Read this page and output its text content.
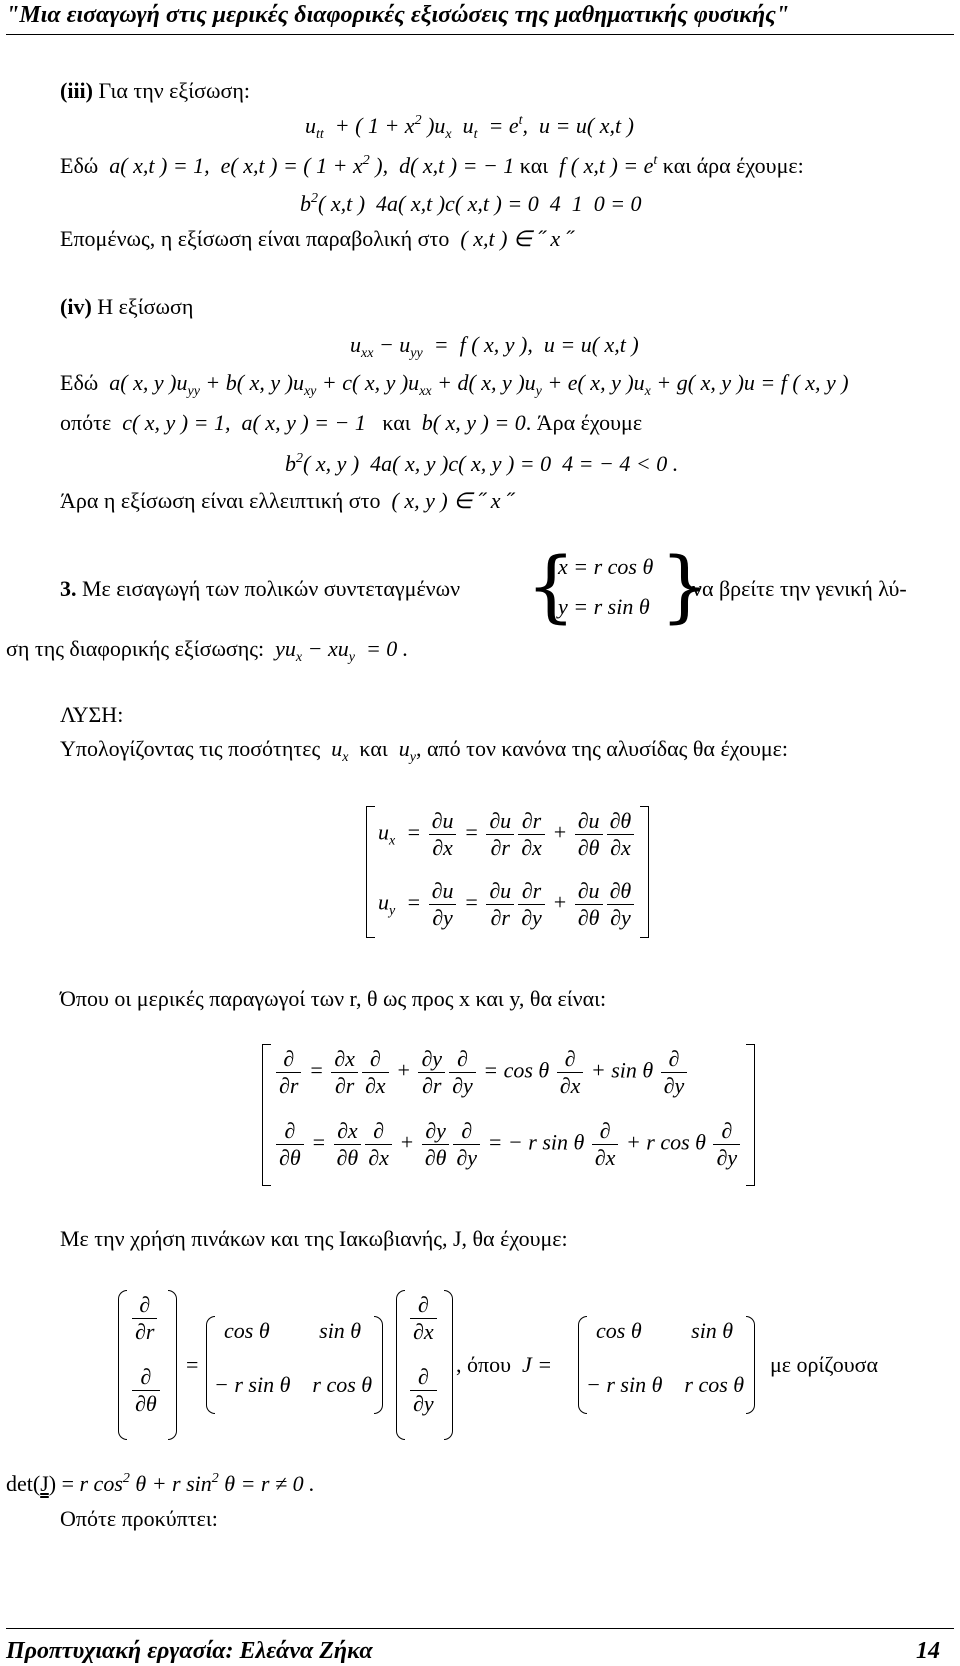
"Μια εισαγωγή στις μερικές διαφορικές εξισώσεις της μαθηματικής φυσικής"
(iii) Για την εξίσωση:
$u_{tt}$  + ( $1 + x^2$ )$u_x$  $u_t = e^t$,  u = u( x,t )
Εδώ  a( x,t ) = 1,  e( x,t ) = ( $1 + x^2$ ),  d( x,t ) = − 1 και  f ( x,t ) = $e^t$ και άρα έχουμε:
$b^2$( x,t )  4a( x,t )c( x,t ) = 0  4  1  0 = 0
Επομένως, η εξίσωση είναι παραβολική στο  ( x,t ) ∈ ˝ x ˝
(iv) Η εξίσωση
$u_{xx} - u_{yy} = f$ ( x, y ),  u = u( x,t )
Εδώ  a( x, y )$u_{yy} + b$( x, y )$u_{xy} + c$( x, y )$u_{xx} + d$( x, y )$u_y + e$( x, y )$u_x + g$( x, y )u = f ( x, y )
οπότε  c( x, y ) = 1,  a( x, y ) = − 1   και  b( x, y ) = 0. Άρα έχουμε
$b^2$( x, y )  4a( x, y )c( x, y ) = 0  4 = − 4 < 0 .
Άρα η εξίσωση είναι ελλειπτική στο  ( x, y ) ∈ ˝ x ˝
3. Με εισαγωγή των πολικών συντεταγμένων {
x = r cos θ
y = r sin θ }
να βρείτε την γενική λύ-
ση της διαφορικής εξίσωσης:  $yu_x - xu_y = 0$ .
ΛΥΣΗ:
Υπολογίζοντας τις ποσότητες  $u_x$ και  $u_y$, από τον κανόνα της αλυσίδας θα έχουμε:
$u_x = \frac{\partial u}{\partial x} = \frac{\partial u}{\partial r} \frac{\partial r}{\partial x} + \frac{\partial u}{\partial\theta} \frac{\partial\theta}{\partial x}$
$u_y = \frac{\partial u}{\partial y} = \frac{\partial u}{\partial r} \frac{\partial r}{\partial y} + \frac{\partial u}{\partial\theta} \frac{\partial\theta}{\partial y}$
Όπου οι μερικές παραγωγοί των r, θ ως προς x και y, θα είναι:
$\frac{\partial}{\partial r} = \frac{\partial x}{\partial r} \frac{\partial}{\partial x} + \frac{\partial y}{\partial r} \frac{\partial}{\partial y} = \cos \theta \frac{\partial}{\partial x} + \sin \theta \frac{\partial}{\partial y}$
$\frac{\partial}{\partial\theta} = \frac{\partial x}{\partial\theta} \frac{\partial}{\partial x} + \frac{\partial y}{\partial\theta} \frac{\partial}{\partial y}$ = − r sin θ $\frac{\partial}{\partial x} + r$ cos θ $\frac{\partial}{\partial y}$
Με την χρήση πινάκων και της Ιακωβιανής, J, θα έχουμε:
$\frac{\partial}{\partial r}$
$\frac{\partial}{\partial\theta}$
=
cos θ         sin θ
− r sin θ    r cos θ
$\frac{\partial}{\partial x}$
$\frac{\partial}{\partial y}$
, όπου  J =
cos θ         sin θ
− r sin θ    r cos θ
με ορίζουσα
det(J) = r $\cos^2 \theta + r$ $\sin^2 \theta = r \ne 0$ .
Οπότε προκύπτει:
Προπτυχιακή εργασία: Ελεάνα Ζήκα	14
